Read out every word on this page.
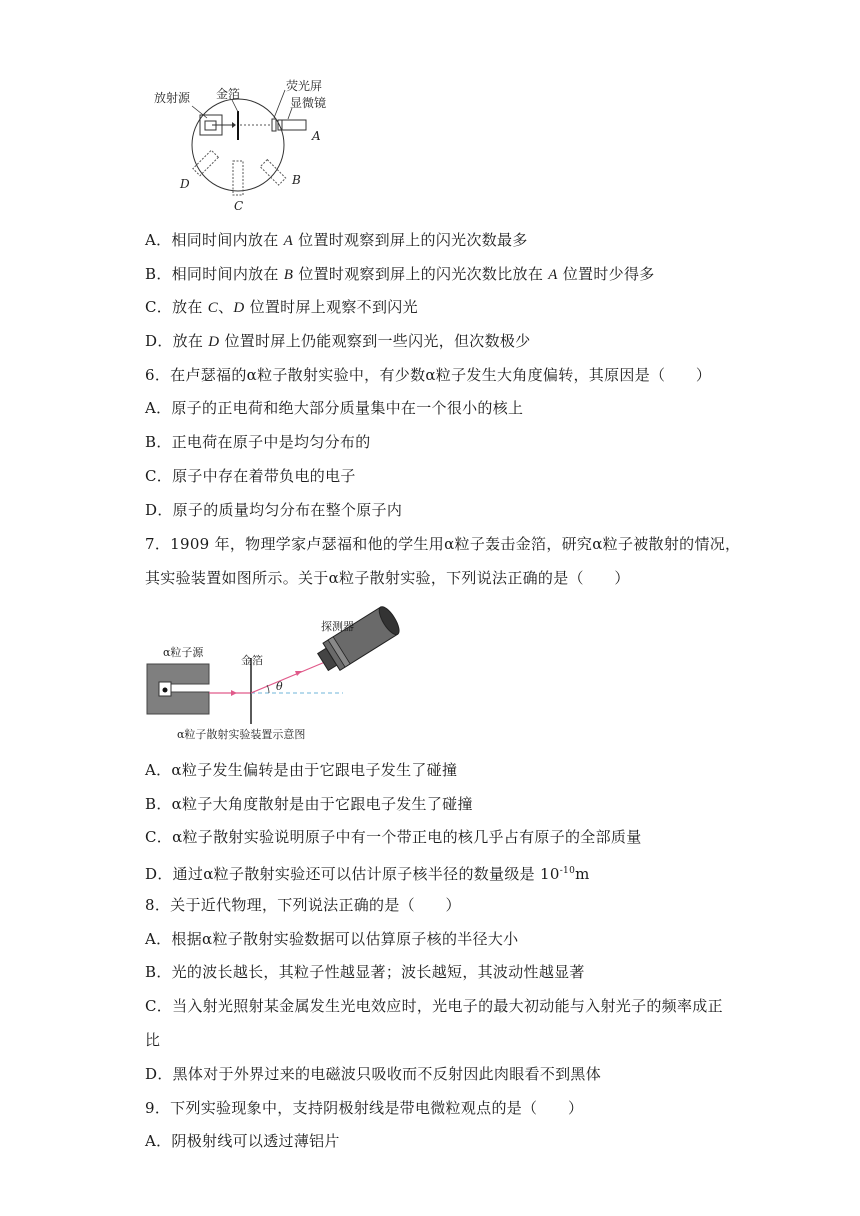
放射源 金箔
荧光屏
显微镜
A
B
C
D
A．相同时间内放在 A 位置时观察到屏上的闪光次数最多
B．相同时间内放在 B 位置时观察到屏上的闪光次数比放在 A 位置时少得多
C．放在 C、D 位置时屏上观察不到闪光
D．放在 D 位置时屏上仍能观察到一些闪光，但次数极少
6．在卢瑟福的α粒子散射实验中，有少数α粒子发生大角度偏转，其原因是（　　）
A．原子的正电荷和绝大部分质量集中在一个很小的核上
B．正电荷在原子中是均匀分布的
C．原子中存在着带负电的电子
D．原子的质量均匀分布在整个原子内
7．1909 年，物理学家卢瑟福和他的学生用α粒子轰击金箔，研究α粒子被散射的情况，
其实验装置如图所示。关于α粒子散射实验，下列说法正确的是（　　）
α粒子源
金箔
探测器
θ
α粒子散射实验装置示意图
A．α粒子发生偏转是由于它跟电子发生了碰撞
B．α粒子大角度散射是由于它跟电子发生了碰撞
C．α粒子散射实验说明原子中有一个带正电的核几乎占有原子的全部质量
D．通过α粒子散射实验还可以估计原子核半径的数量级是 $10^{-10}m$
8．关于近代物理，下列说法正确的是（　　）
A．根据α粒子散射实验数据可以估算原子核的半径大小
B．光的波长越长，其粒子性越显著；波长越短，其波动性越显著
C．当入射光照射某金属发生光电效应时，光电子的最大初动能与入射光子的频率成正
比
D．黑体对于外界过来的电磁波只吸收而不反射因此肉眼看不到黑体
9．下列实验现象中，支持阴极射线是带电微粒观点的是（　　）
A．阴极射线可以透过薄铝片
